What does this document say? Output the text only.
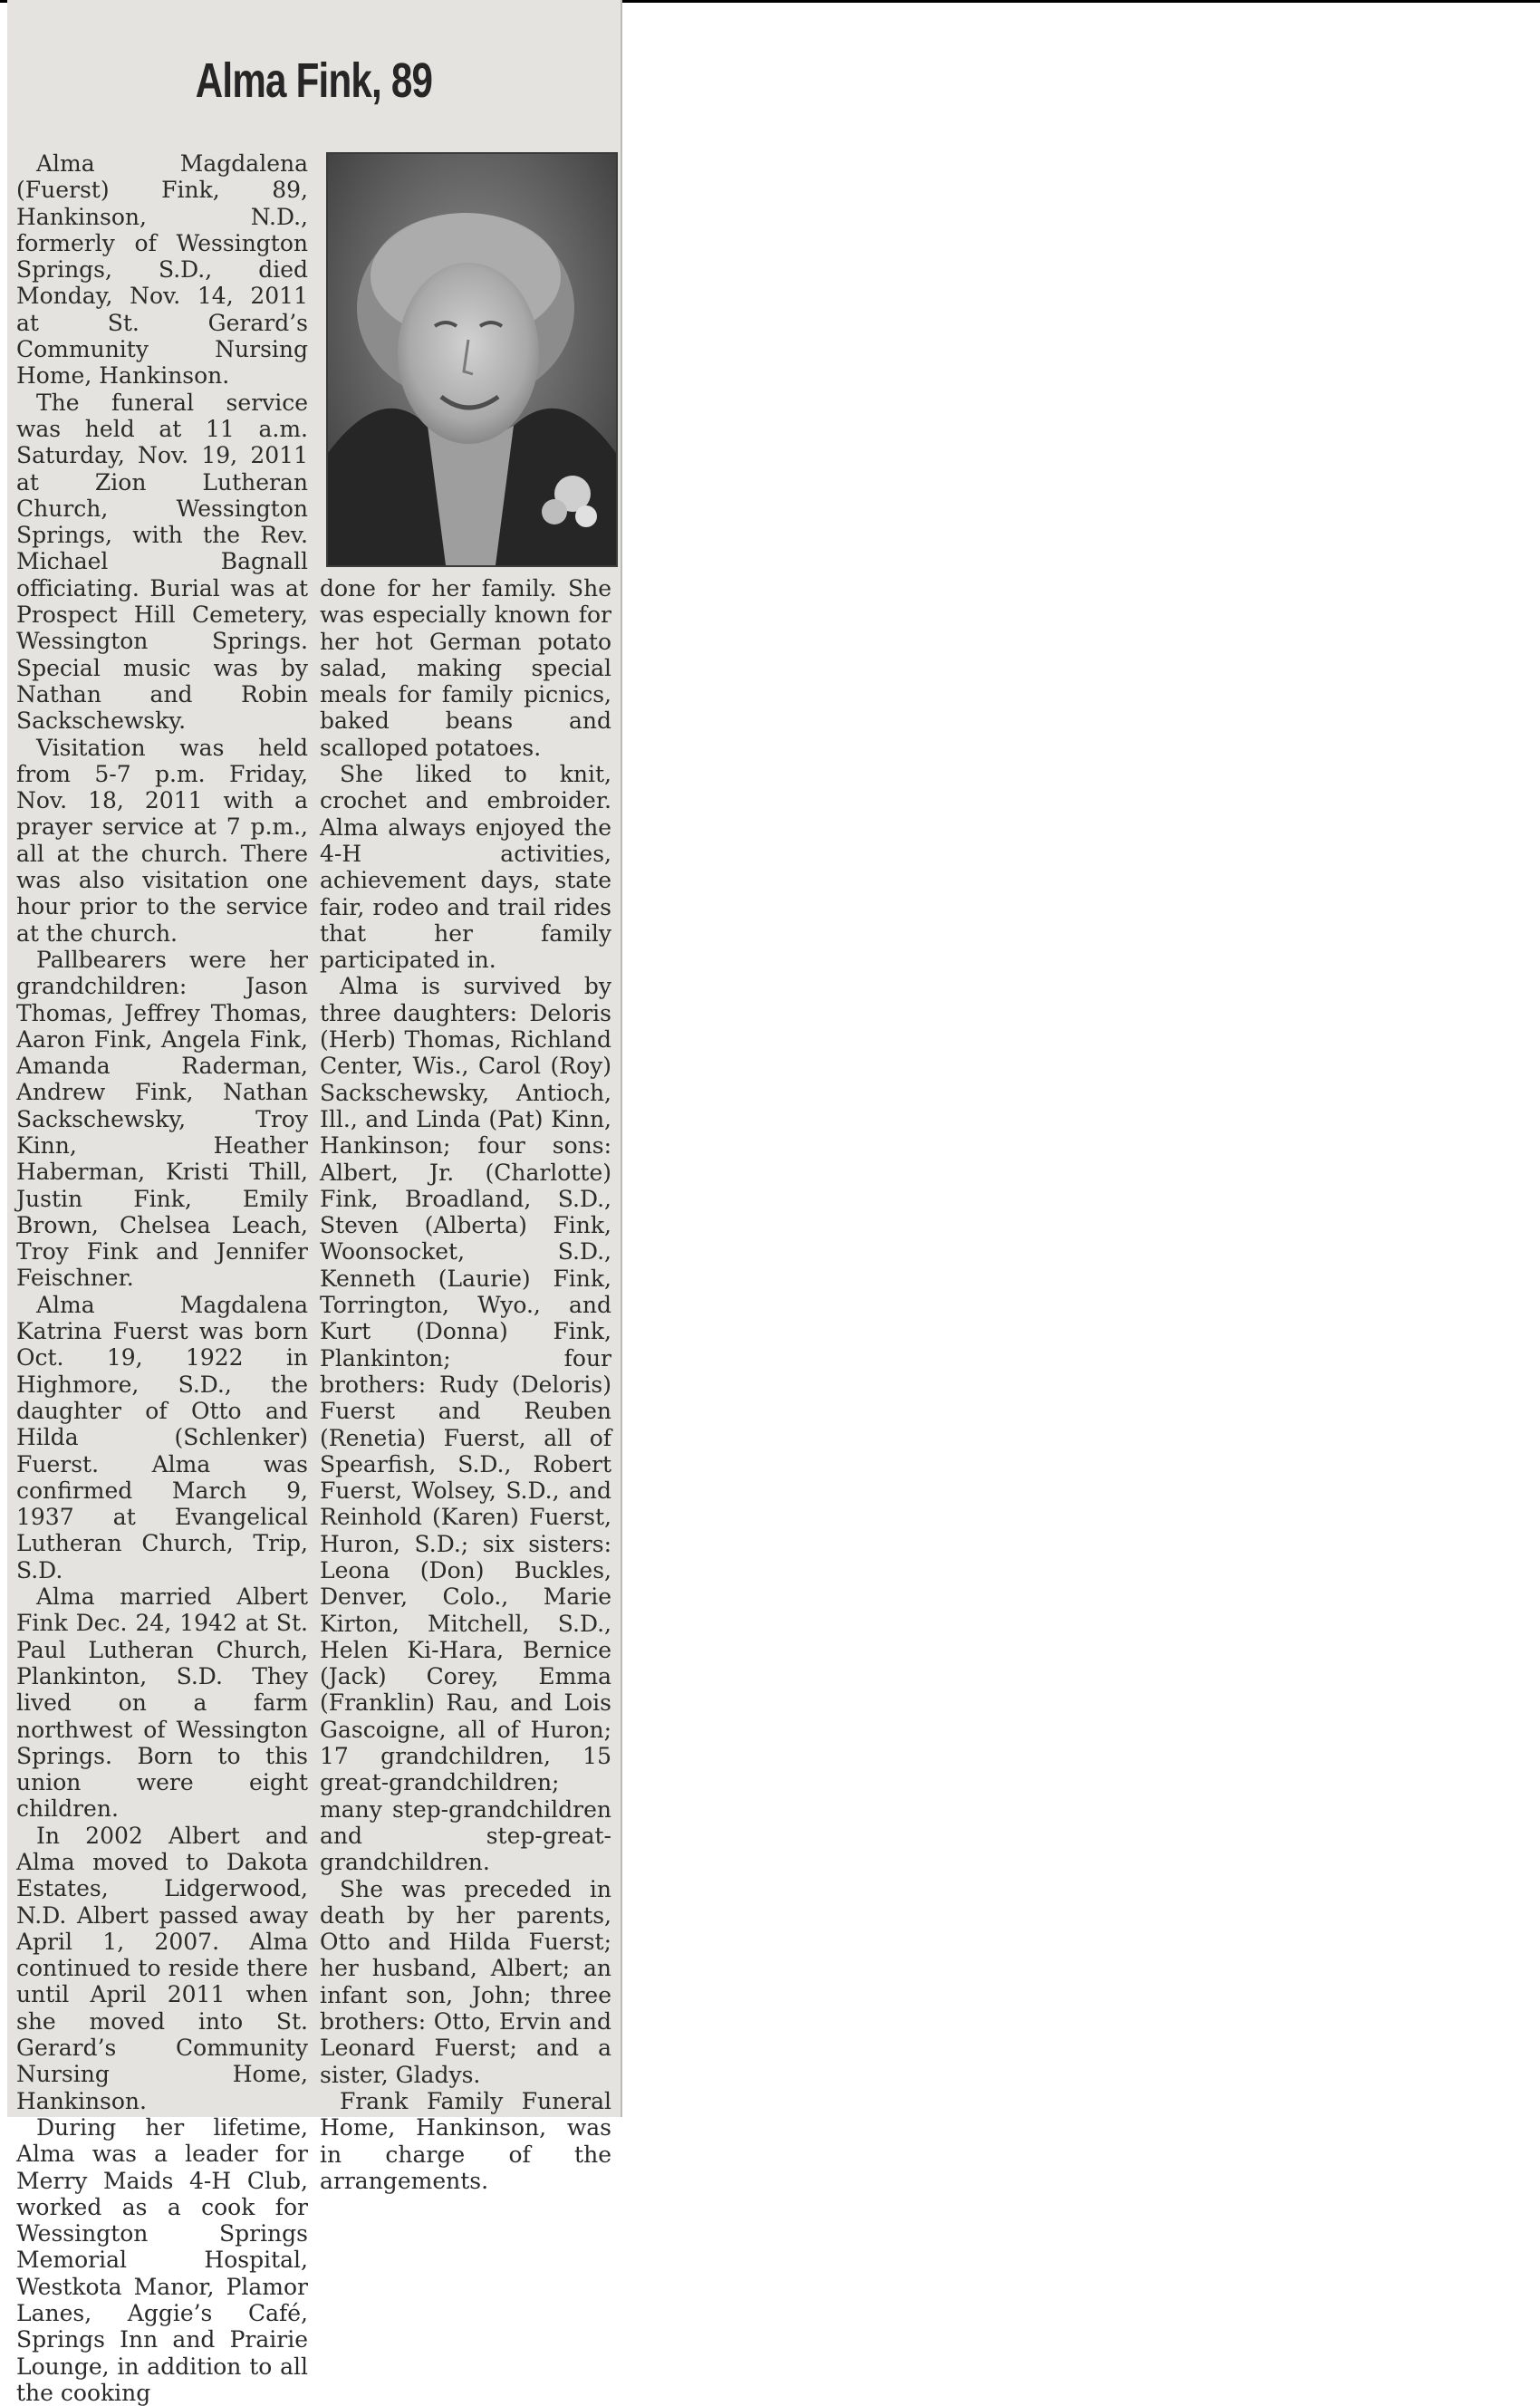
Alma Fink, 89

Alma Magdalena (Fuerst) Fink, 89, Hankinson, N.D., formerly of Wessington Springs, S.D., died Monday, Nov. 14, 2011 at St. Gerard’s Community Nursing Home, Hankinson.

The funeral service was held at 11 a.m. Saturday, Nov. 19, 2011 at Zion Lutheran Church, Wessington Springs, with the Rev. Michael Bagnall officiating. Burial was at Prospect Hill Cemetery, Wessington Springs. Special music was by Nathan and Robin Sackschewsky.

Visitation was held from 5-7 p.m. Friday, Nov. 18, 2011 with a prayer service at 7 p.m., all at the church. There was also visitation one hour prior to the service at the church.

Pallbearers were her grandchildren: Jason Thomas, Jeffrey Thomas, Aaron Fink, Angela Fink, Amanda Raderman, Andrew Fink, Nathan Sackschewsky, Troy Kinn, Heather Haberman, Kristi Thill, Justin Fink, Emily Brown, Chelsea Leach, Troy Fink and Jennifer Feischner.

Alma Magdalena Katrina Fuerst was born Oct. 19, 1922 in Highmore, S.D., the daughter of Otto and Hilda (Schlenker) Fuerst. Alma was confirmed March 9, 1937 at Evangelical Lutheran Church, Trip, S.D.

Alma married Albert Fink Dec. 24, 1942 at St. Paul Lutheran Church, Plankinton, S.D. They lived on a farm northwest of Wessington Springs. Born to this union were eight children.

In 2002 Albert and Alma moved to Dakota Estates, Lidgerwood, N.D. Albert passed away April 1, 2007. Alma continued to reside there until April 2011 when she moved into St. Gerard’s Community Nursing Home, Hankinson.

During her lifetime, Alma was a leader for Merry Maids 4-H Club, worked as a cook for Wessington Springs Memorial Hospital, Westkota Manor, Plamor Lanes, Aggie’s Café, Springs Inn and Prairie Lounge, in addition to all the cooking

done for her family. She was especially known for her hot German potato salad, making special meals for family picnics, baked beans and scalloped potatoes.

She liked to knit, crochet and embroider. Alma always enjoyed the 4-H activities, achievement days, state fair, rodeo and trail rides that her family participated in.

Alma is survived by three daughters: Deloris (Herb) Thomas, Richland Center, Wis., Carol (Roy) Sackschewsky, Antioch, Ill., and Linda (Pat) Kinn, Hankinson; four sons: Albert, Jr. (Charlotte) Fink, Broadland, S.D., Steven (Alberta) Fink, Woonsocket, S.D., Kenneth (Laurie) Fink, Torrington, Wyo., and Kurt (Donna) Fink, Plankinton; four brothers: Rudy (Deloris) Fuerst and Reuben (Renetia) Fuerst, all of Spearfish, S.D., Robert Fuerst, Wolsey, S.D., and Reinhold (Karen) Fuerst, Huron, S.D.; six sisters: Leona (Don) Buckles, Denver, Colo., Marie Kirton, Mitchell, S.D., Helen Ki-Hara, Bernice (Jack) Corey, Emma (Franklin) Rau, and Lois Gascoigne, all of Huron; 17 grandchildren, 15 great-grandchildren; many step-grandchildren and step-great-grandchildren.

She was preceded in death by her parents, Otto and Hilda Fuerst; her husband, Albert; an infant son, John; three brothers: Otto, Ervin and Leonard Fuerst; and a sister, Gladys.

Frank Family Funeral Home, Hankinson, was in charge of the arrangements.
